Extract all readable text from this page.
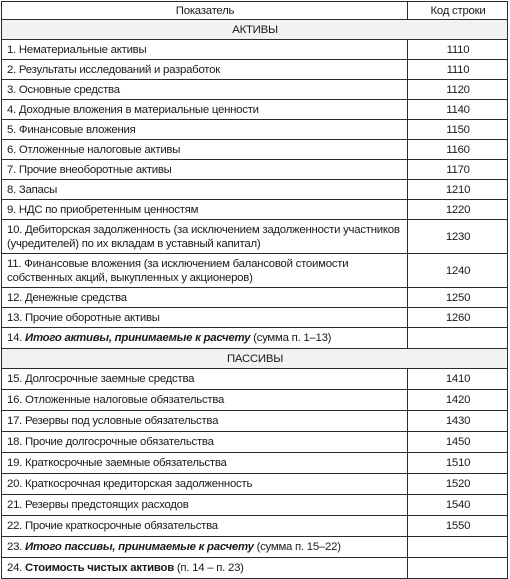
Показатель	Код строки
АКТИВЫ	
1. Нематериальные активы	1110
2. Результаты исследований и разработок	1110
3. Основные средства	1120
4. Доходные вложения в материальные ценности	1140
5. Финансовые вложения	1150
6. Отложенные налоговые активы	1160
7. Прочие внеоборотные активы	1170
8. Запасы	1210
9. НДС по приобретенным ценностям	1220
10. Дебиторская задолженность (за исключением задолженности участников (учредителей) по их вкладам в уставный капитал)	1230
11. Финансовые вложения (за исключением балансовой стоимости собственных акций, выкупленных у акционеров)	1240
12. Денежные средства	1250
13. Прочие оборотные активы	1260
14. Итого активы, принимаемые к расчету (сумма п. 1–13)	
ПАССИВЫ	
15. Долгосрочные заемные средства	1410
16. Отложенные налоговые обязательства	1420
17. Резервы под условные обязательства	1430
18. Прочие долгосрочные обязательства	1450
19. Краткосрочные заемные обязательства	1510
20. Краткосрочная кредиторская задолженность	1520
21. Резервы предстоящих расходов	1540
22. Прочие краткосрочные обязательства	1550
23. Итого пассивы, принимаемые к расчету (сумма п. 15–22)	
24. Стоимость чистых активов (п. 14 – п. 23)	
